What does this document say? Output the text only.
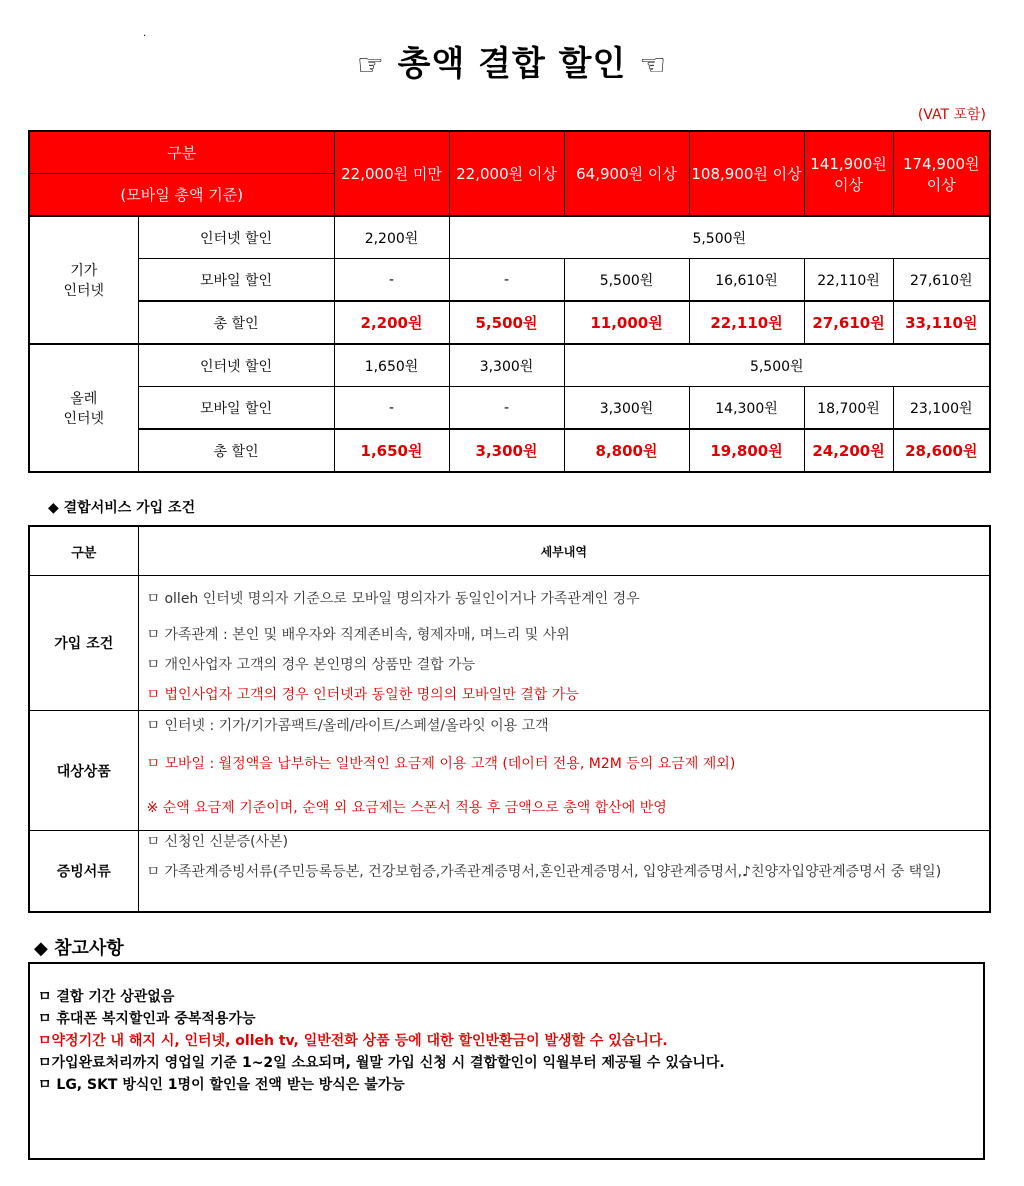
.
☞ 총액 결합 할인 ☜
(VAT 포함)
구분		22,000원 미만	22,000원 이상	64,900원 이상	108,900원 이상	141,900원 이상	174,900원 이상
(모바일 총액 기준)							
기가
인터넷	인터넷 할인	2,200원	5,500원				
	모바일 할인	-	-	5,500원	16,610원	22,110원	27,610원
	총 할인	2,200원	5,500원	11,000원	22,110원	27,610원	33,110원
올레
인터넷	인터넷 할인	1,650원	3,300원	5,500원			
	모바일 할인	-	-	3,300원	14,300원	18,700원	23,100원
	총 할인	1,650원	3,300원	8,800원	19,800원	24,200원	28,600원
◆ 결합서비스 가입 조건
구분	세부내역
가입 조건	ㅁ olleh 인터넷 명의자 기준으로 모바일 명의자가 동일인이거나 가족관계인 경우
ㅁ 가족관계 : 본인 및 배우자와 직계존비속, 형제자매, 며느리 및 사위
ㅁ 개인사업자 고객의 경우 본인명의 상품만 결합 가능
ㅁ 법인사업자 고객의 경우 인터넷과 동일한 명의의 모바일만 결합 가능

대상상품	ㅁ 인터넷 : 기가/기가콤팩트/올레/라이트/스페셜/올라잇 이용 고객
ㅁ 모바일 : 월정액을 납부하는 일반적인 요금제 이용 고객 (데이터 전용, M2M 등의 요금제 제외)
※ 순액 요금제 기준이며, 순액 외 요금제는 스폰서 적용 후 금액으로 총액 합산에 반영

증빙서류	ㅁ 신청인 신분증(사본)
ㅁ 가족관계증빙서류(주민등록등본, 건강보험증,가족관계증명서,혼인관계증명서, 입양관계증명서,♪친양자입양관계증명서 중 택일)
◆ 참고사항
ㅁ 결합 기간 상관없음
ㅁ 휴대폰 복지할인과 중복적용가능
ㅁ약정기간 내 해지 시, 인터넷, olleh tv, 일반전화 상품 등에 대한 할인반환금이 발생할 수 있습니다.
ㅁ가입완료처리까지 영업일 기준 1~2일 소요되며, 월말 가입 신청 시 결합할인이 익월부터 제공될 수 있습니다.
ㅁ LG, SKT 방식인 1명이 할인을 전액 받는 방식은 불가능
